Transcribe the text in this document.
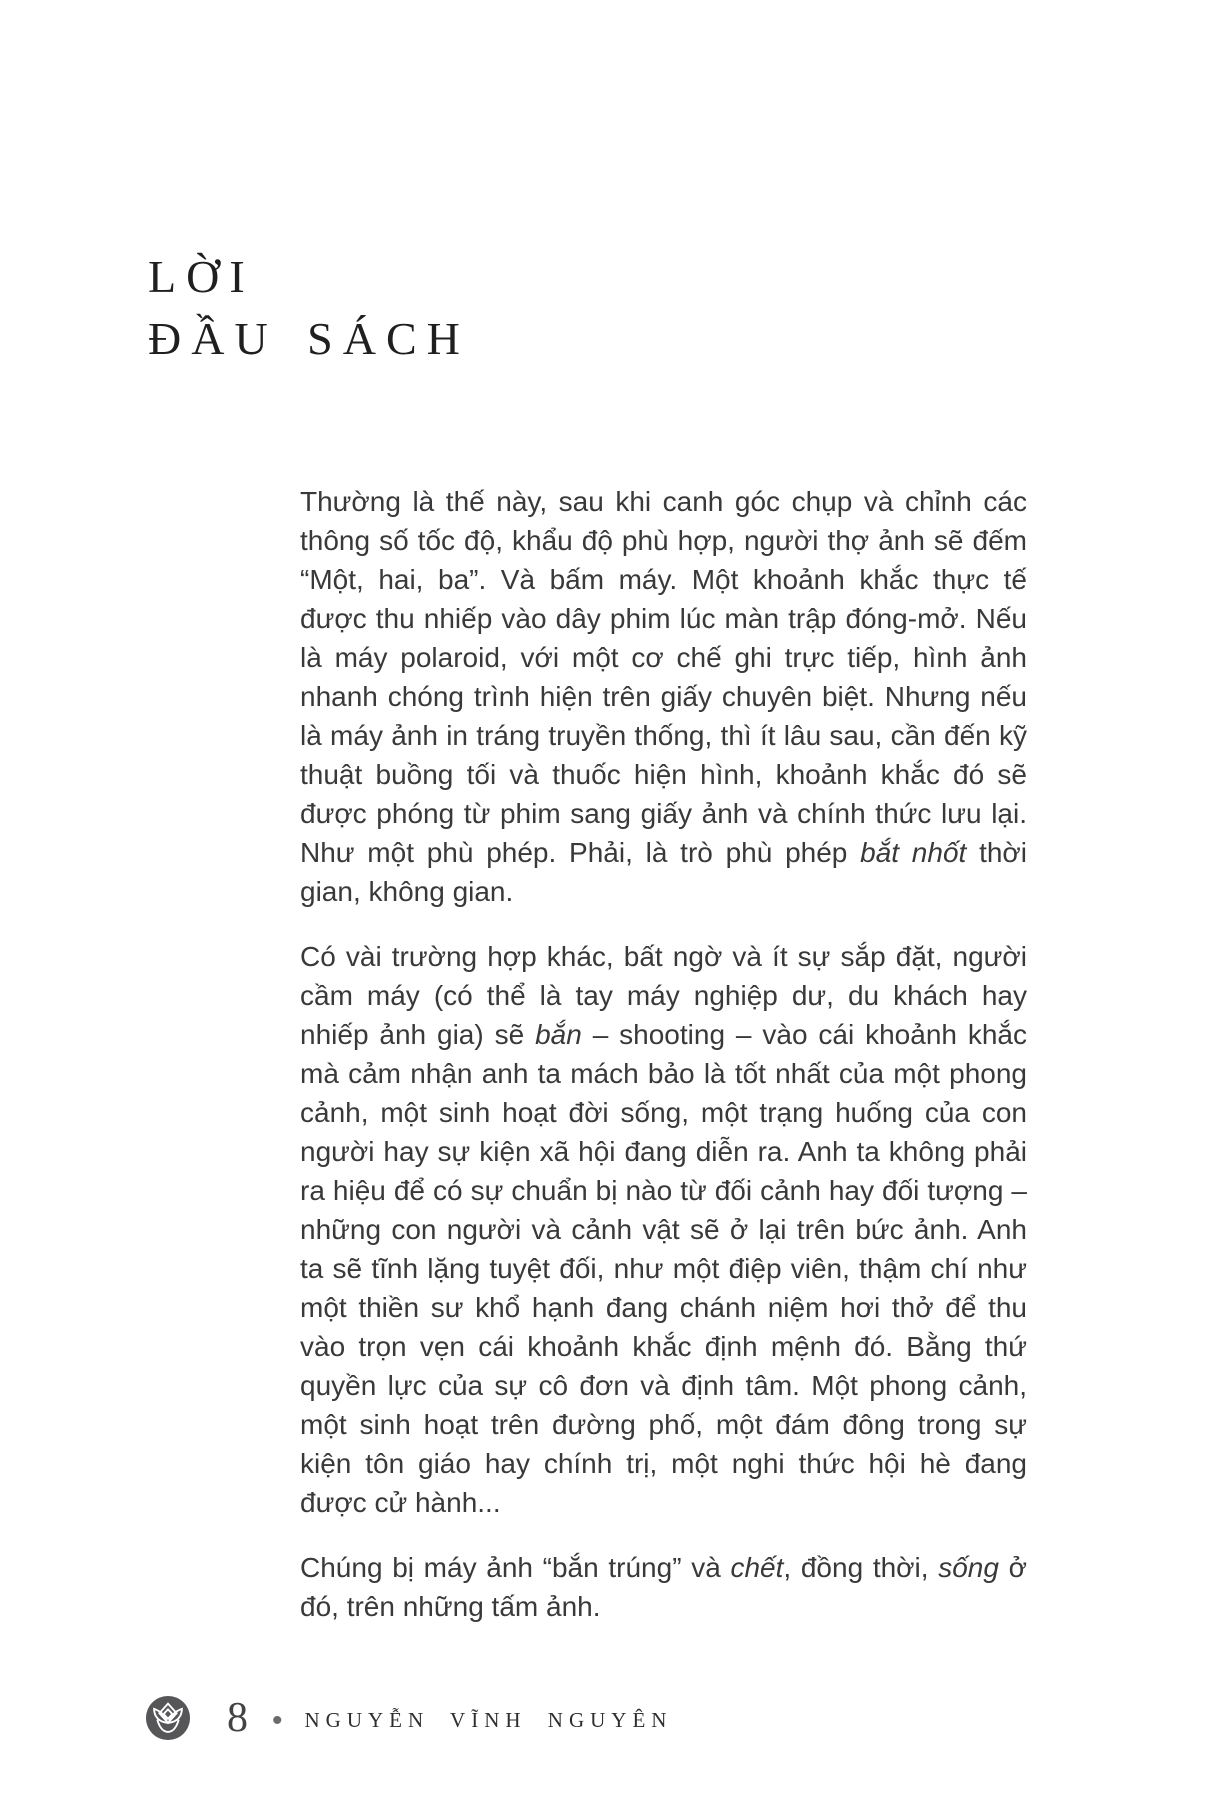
LỜI
ĐẦU SÁCH

Thường là thế này, sau khi canh góc chụp và chỉnh các thông số tốc độ, khẩu độ phù hợp, người thợ ảnh sẽ đếm “Một, hai, ba”. Và bấm máy. Một khoảnh khắc thực tế được thu nhiếp vào dây phim lúc màn trập đóng-mở. Nếu là máy polaroid, với một cơ chế ghi trực tiếp, hình ảnh nhanh chóng trình hiện trên giấy chuyên biệt. Nhưng nếu là máy ảnh in tráng truyền thống, thì ít lâu sau, cần đến kỹ thuật buồng tối và thuốc hiện hình, khoảnh khắc đó sẽ được phóng từ phim sang giấy ảnh và chính thức lưu lại. Như một phù phép. Phải, là trò phù phép bắt nhốt thời gian, không gian.

Có vài trường hợp khác, bất ngờ và ít sự sắp đặt, người cầm máy (có thể là tay máy nghiệp dư, du khách hay nhiếp ảnh gia) sẽ bắn – shooting – vào cái khoảnh khắc mà cảm nhận anh ta mách bảo là tốt nhất của một phong cảnh, một sinh hoạt đời sống, một trạng huống của con người hay sự kiện xã hội đang diễn ra. Anh ta không phải ra hiệu để có sự chuẩn bị nào từ đối cảnh hay đối tượng – những con người và cảnh vật sẽ ở lại trên bức ảnh. Anh ta sẽ tĩnh lặng tuyệt đối, như một điệp viên, thậm chí như một thiền sư khổ hạnh đang chánh niệm hơi thở để thu vào trọn vẹn cái khoảnh khắc định mệnh đó. Bằng thứ quyền lực của sự cô đơn và định tâm. Một phong cảnh, một sinh hoạt trên đường phố, một đám đông trong sự kiện tôn giáo hay chính trị, một nghi thức hội hè đang được cử hành...

Chúng bị máy ảnh “bắn trúng” và chết, đồng thời, sống ở đó, trên những tấm ảnh.

8 • NGUYỄN VĨNH NGUYÊN
